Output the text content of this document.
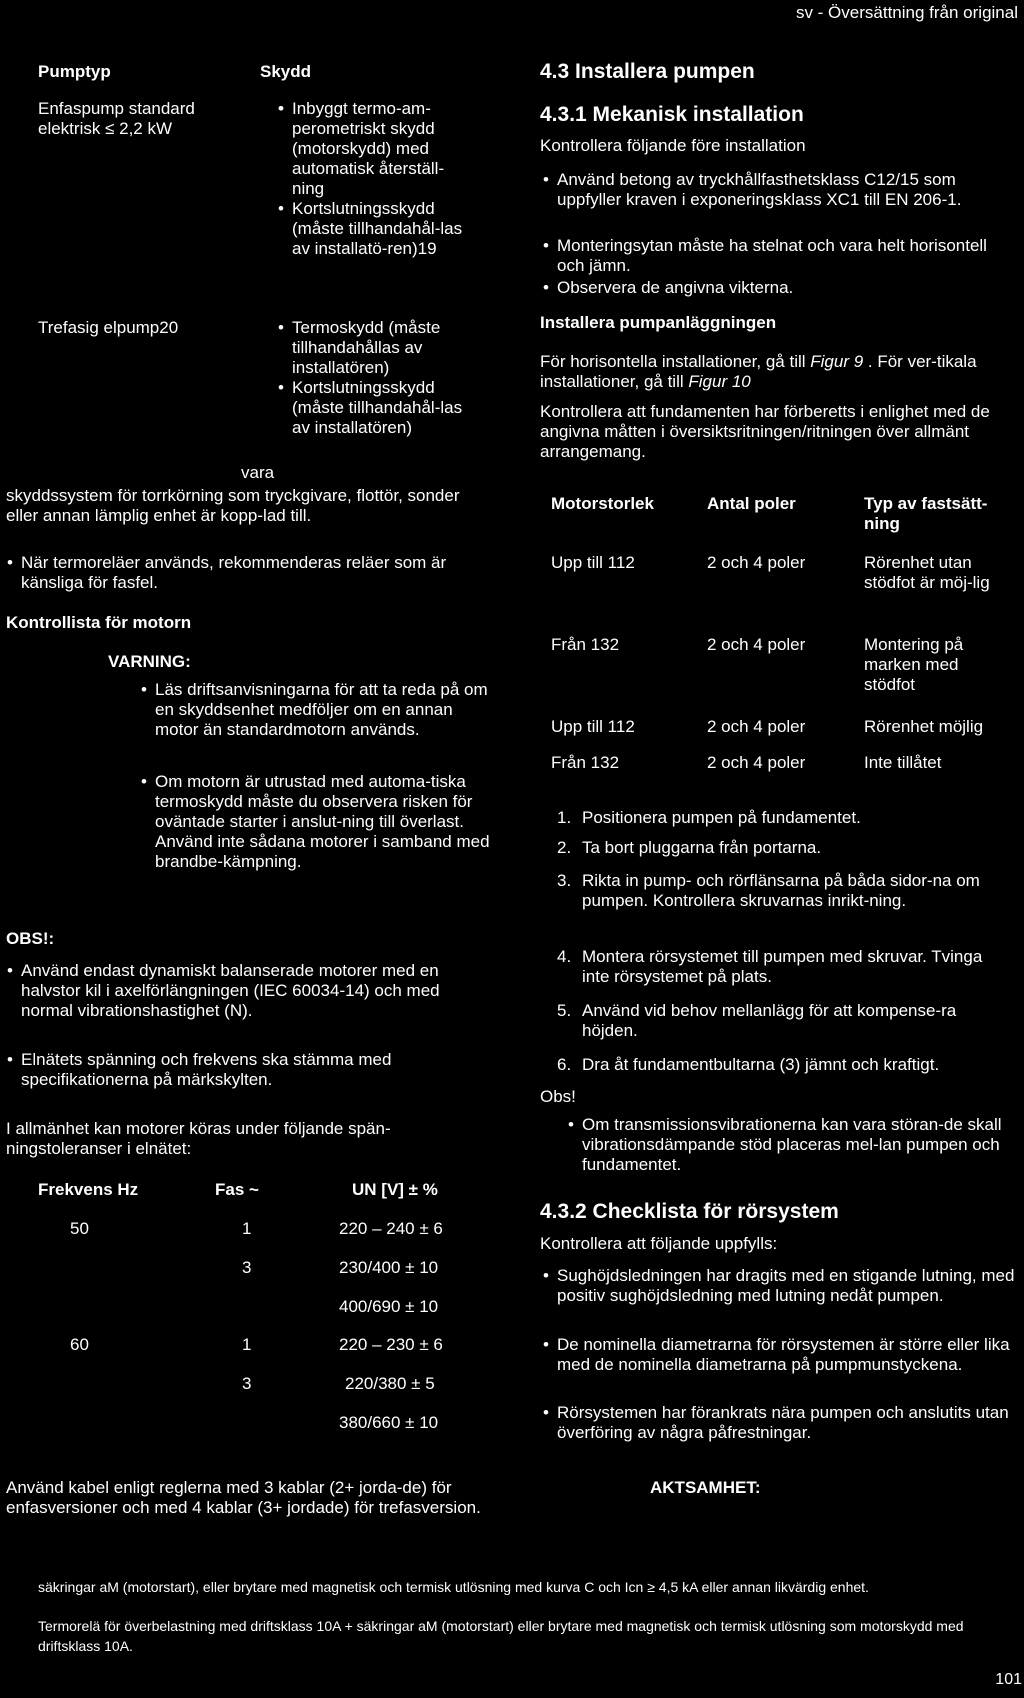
sv - Översättning från original
Pumptyp	Skydd
Enfaspump standard elektrisk ≤ 2,2 kW
• Inbyggt termo-am-perometriskt skydd (motorskydd) med automatisk återställ-ning
• Kortslutningsskydd (måste tillhandahål-las av installatö-ren)19
Trefasig elpump20
•	Termoskydd (måste tillhandahållas av installatören)
• Kortslutningsskydd (måste tillhandahål-las av installatören)
vara
skyddssystem för torrkörning som tryckgivare, flottör, sonder eller annan lämplig enhet är kopp-lad till.
• När termoreläer används, rekommenderas reläer som är känsliga för fasfel.
Kontrollista för motorn
VARNING:
• Läs driftsanvisningarna för att ta reda på om en skyddsenhet medföljer om en annan motor än standardmotorn används.
• Om motorn är utrustad med automa-tiska termoskydd måste du observera risken för oväntade starter i anslut-ning till överlast. Använd inte sådana motorer i samband med brandbe-kämpning.
OBS!:
• Använd endast dynamiskt balanserade motorer med en halvstor kil i axelförlängningen (IEC 60034-14) och med normal vibrationshastighet (N).
• Elnätets spänning och frekvens ska stämma med specifikationerna på märkskylten.
I allmänhet kan motorer köras under följande spän-ningstoleranser i elnätet:
Frekvens Hz	Fas ~	UN [V] ± %
50	1	220 – 240 ± 6
3	230/400 ± 10
400/690 ± 10
60	1	220 – 230 ± 6
3	220/380 ± 5
380/660 ± 10
Använd kabel enligt reglerna med 3 kablar (2+ jorda-de) för enfasversioner och med 4 kablar (3+ jordade) för trefasversion.
4.3 Installera pumpen
4.3.1 Mekanisk installation
Kontrollera följande före installation
• Använd betong av tryckhållfasthetsklass C12/15 som uppfyller kraven i exponeringsklass XC1 till EN 206-1.
• Monteringsytan måste ha stelnat och vara helt horisontell och jämn.
• Observera de angivna vikterna.
Installera pumpanläggningen
För horisontella installationer, gå till Figur 9 . För ver-tikala installationer, gå till Figur 10
Kontrollera att fundamenten har förberetts i enlighet med de angivna måtten i översiktsritningen/ritningen över allmänt arrangemang.
Motorstorlek	Antal poler	Typ av fastsätt-ning
Upp till 112	2 och 4 poler	Rörenhet utan stödfot är möj-lig
Från 132	2 och 4 poler	Montering på marken med stödfot
Upp till 112	2 och 4 poler	Rörenhet möjlig
Från 132	2 och 4 poler	Inte tillåtet
1. Positionera pumpen på fundamentet.
2. Ta bort pluggarna från portarna.
3. Rikta in pump- och rörflänsarna på båda sidor-na om pumpen. Kontrollera skruvarnas inrikt-ning.
4. Montera rörsystemet till pumpen med skruvar. Tvinga inte rörsystemet på plats.
5. Använd vid behov mellanlägg för att kompense-ra höjden.
6. Dra åt fundamentbultarna (3) jämnt och kraftigt.
Obs!
• Om transmissionsvibrationerna kan vara störan-de skall vibrationsdämpande stöd placeras mel-lan pumpen och fundamentet.
4.3.2 Checklista för rörsystem
Kontrollera att följande uppfylls:
• Sughöjdsledningen har dragits med en stigande lutning, med positiv sughöjdsledning med lutning nedåt pumpen.
• De nominella diametrarna för rörsystemen är större eller lika med de nominella diametrarna på pumpmunstyckena.
• Rörsystemen har förankrats nära pumpen och anslutits utan överföring av några påfrestningar.
AKTSAMHET:
säkringar aM (motorstart), eller brytare med magnetisk och termisk utlösning med kurva C och Icn ≥ 4,5 kA eller annan likvärdig enhet.
Termorelä för överbelastning med driftsklass 10A + säkringar aM (motorstart) eller brytare med magnetisk och termisk utlösning som motorskydd med driftsklass 10A.
101
